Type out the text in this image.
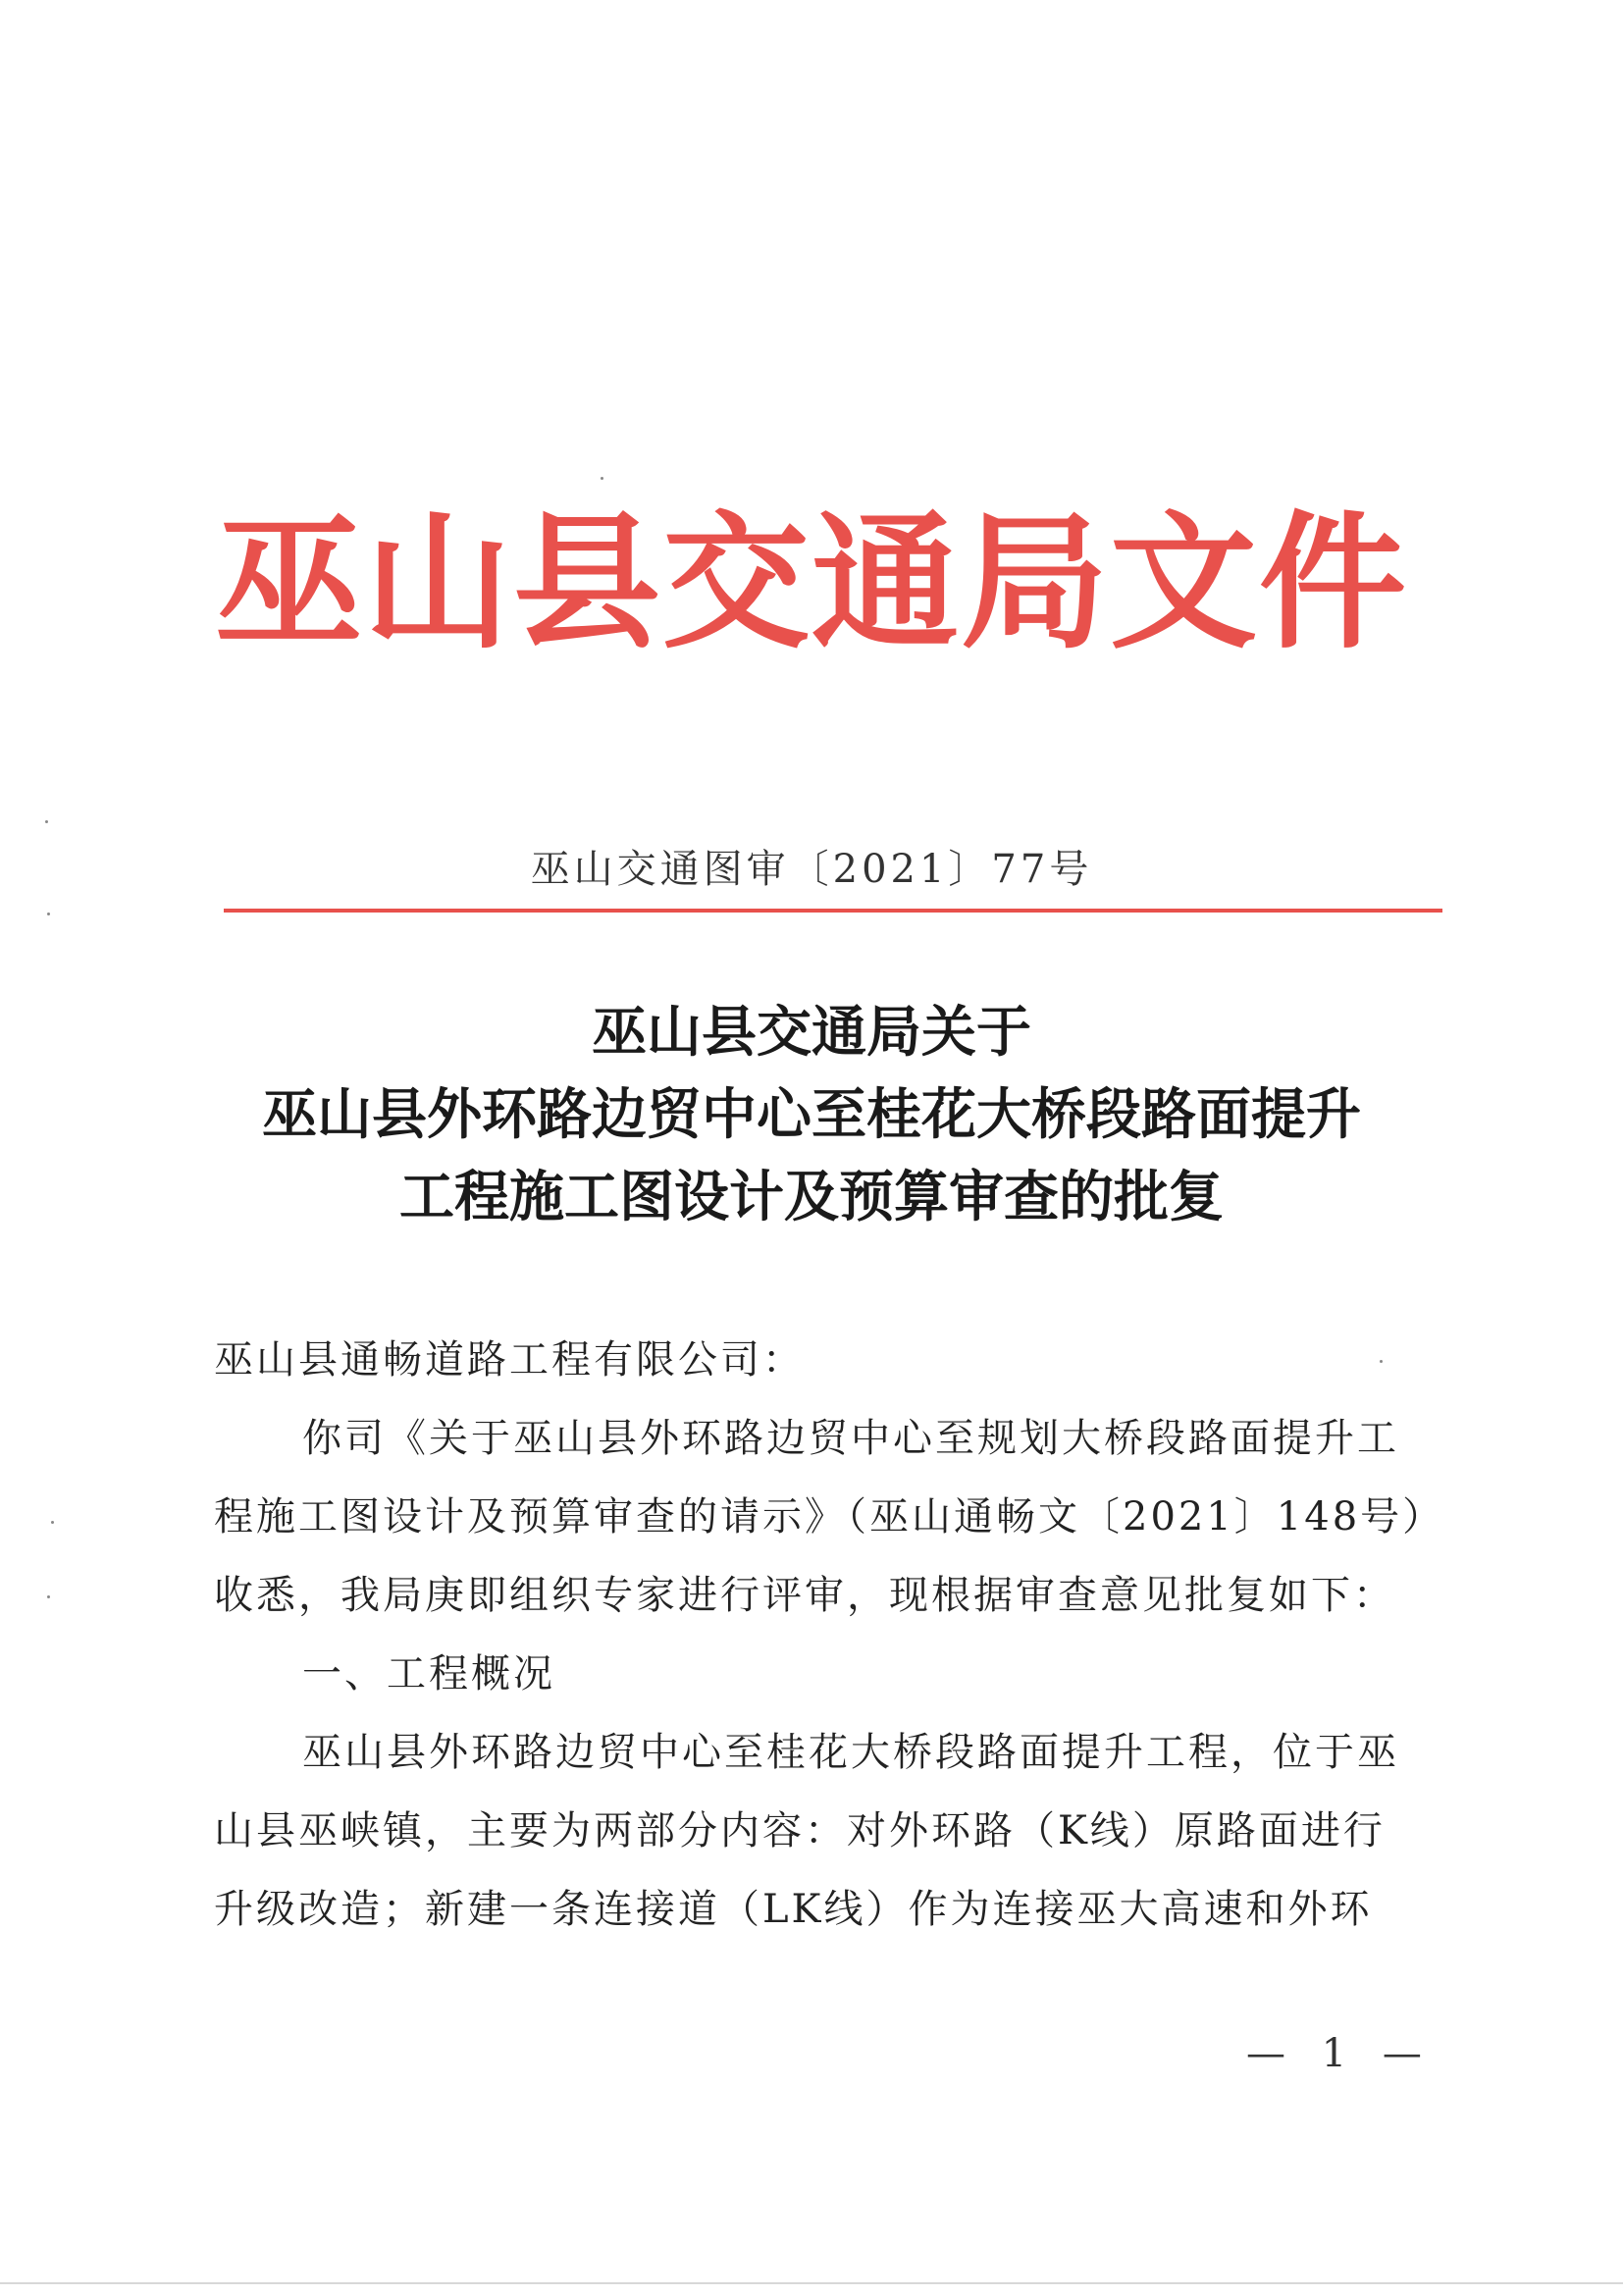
巫山县交通局文件
巫山交通图审〔2021〕77号
巫山县交通局关于
巫山县外环路边贸中心至桂花大桥段路面提升
工程施工图设计及预算审查的批复

巫山县通畅道路工程有限公司：

你司《关于巫山县外环路边贸中心至规划大桥段路面提升工

程施工图设计及预算审查的请示》（巫山通畅文〔2021〕148号）

收悉，我局庚即组织专家进行评审，现根据审查意见批复如下：

一、工程概况

巫山县外环路边贸中心至桂花大桥段路面提升工程，位于巫

山县巫峡镇，主要为两部分内容：对外环路（K线）原路面进行

升级改造；新建一条连接道（LK线）作为连接巫大高速和外环

— 1 —
